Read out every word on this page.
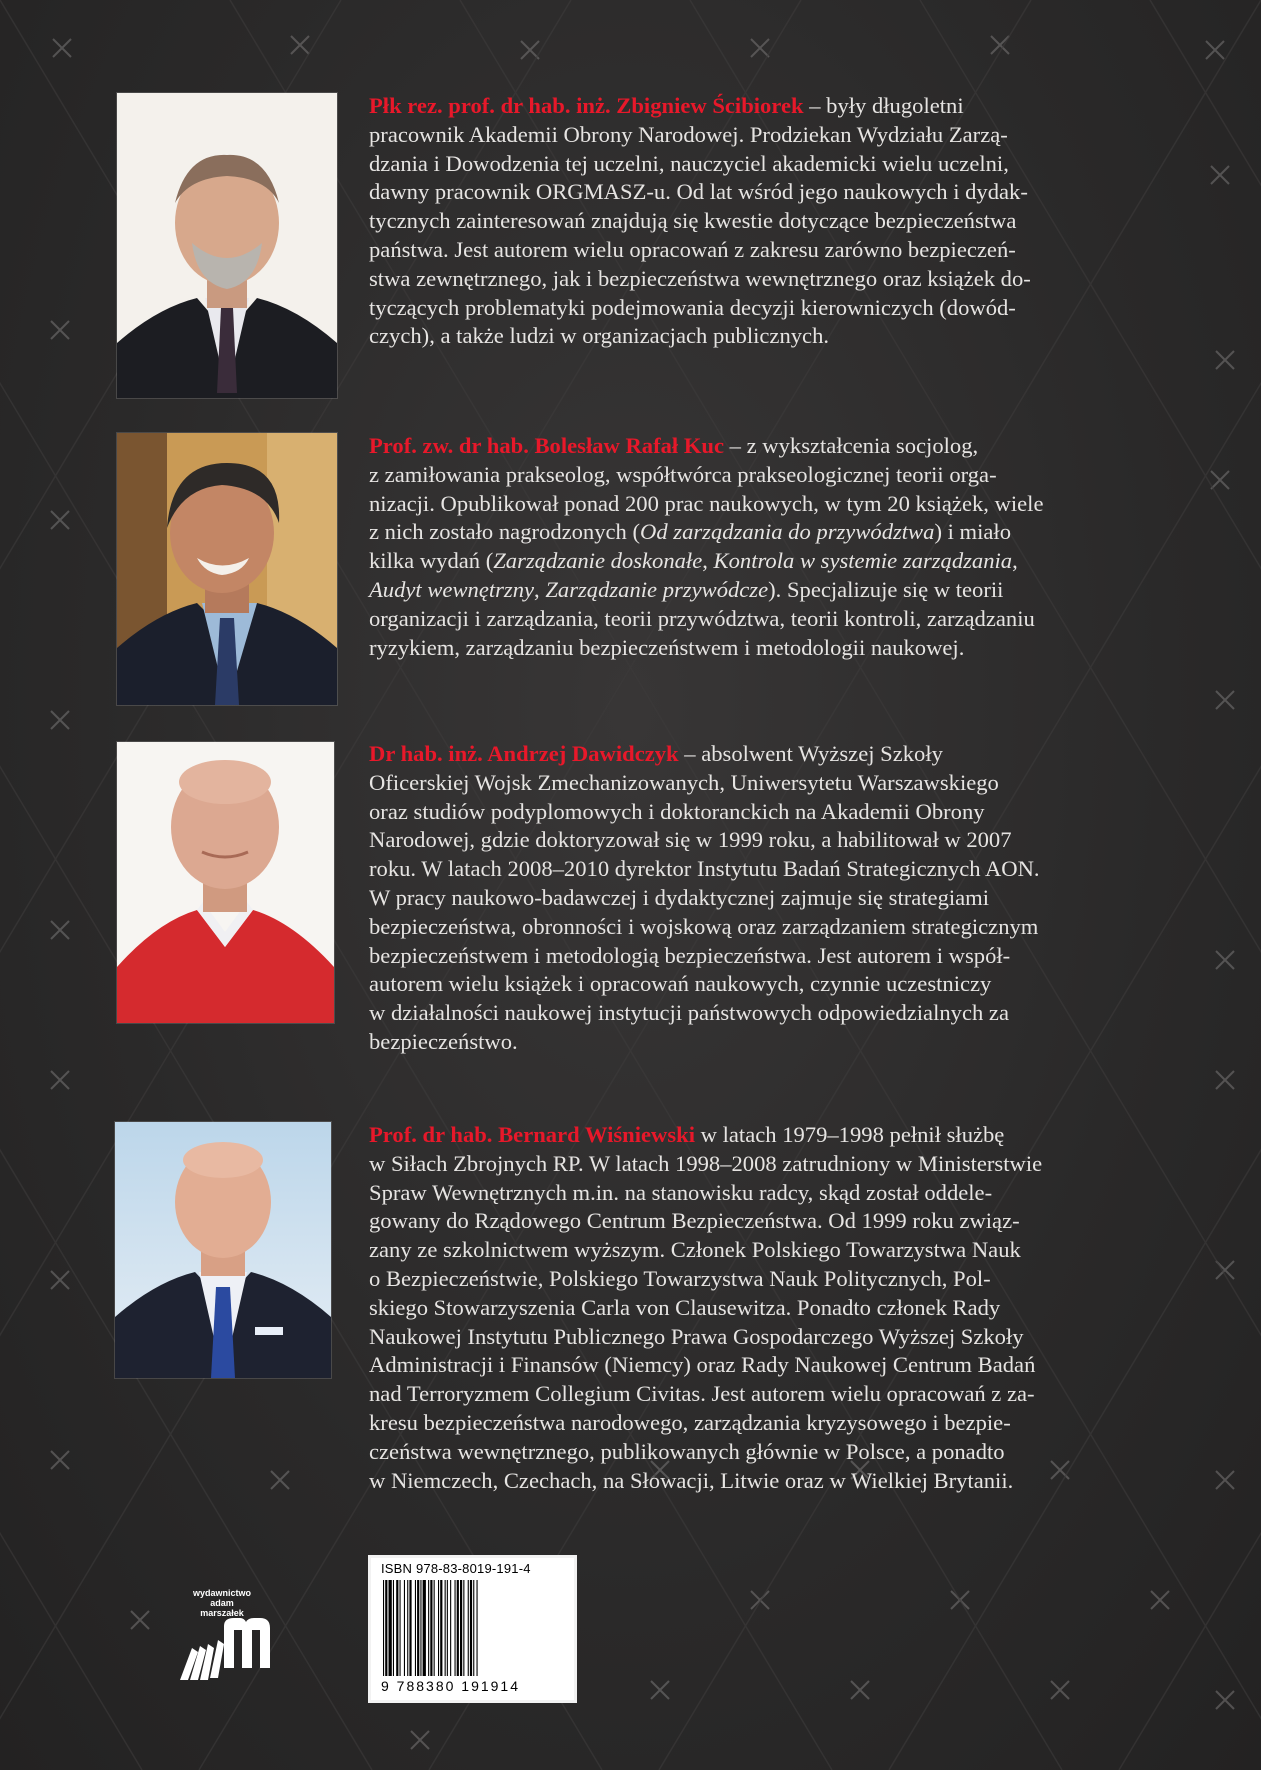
Płk rez. prof. dr hab. inż. Zbigniew Ścibiorek – były długoletni
pracownik Akademii Obrony Narodowej. Prodziekan Wydziału Zarzą-
dzania i Dowodzenia tej uczelni, nauczyciel akademicki wielu uczelni,
dawny pracownik ORGMASZ-u. Od lat wśród jego naukowych i dydak-
tycznych zainteresowań znajdują się kwestie dotyczące bezpieczeństwa
państwa. Jest autorem wielu opracowań z zakresu zarówno bezpieczeń-
stwa zewnętrznego, jak i bezpieczeństwa wewnętrznego oraz książek do-
tyczących problematyki podejmowania decyzji kierowniczych (dowód-
czych), a także ludzi w organizacjach publicznych.
Prof. zw. dr hab. Bolesław Rafał Kuc – z wykształcenia socjolog,
z zamiłowania prakseolog, współtwórca prakseologicznej teorii orga-
nizacji. Opublikował ponad 200 prac naukowych, w tym 20 książek, wiele
z nich zostało nagrodzonych (Od zarządzania do przywództwa) i miało
kilka wydań (Zarządzanie doskonałe, Kontrola w systemie zarządzania,
Audyt wewnętrzny, Zarządzanie przywódcze). Specjalizuje się w teorii
organizacji i zarządzania, teorii przywództwa, teorii kontroli, zarządzaniu
ryzykiem, zarządzaniu bezpieczeństwem i metodologii naukowej.
Dr hab. inż. Andrzej Dawidczyk – absolwent Wyższej Szkoły
Oficerskiej Wojsk Zmechanizowanych, Uniwersytetu Warszawskiego
oraz studiów podyplomowych i doktoranckich na Akademii Obrony
Narodowej, gdzie doktoryzował się w 1999 roku, a habilitował w 2007
roku. W latach 2008–2010 dyrektor Instytutu Badań Strategicznych AON.
W pracy naukowo-badawczej i dydaktycznej zajmuje się strategiami
bezpieczeństwa, obronności i wojskową oraz zarządzaniem strategicznym
bezpieczeństwem i metodologią bezpieczeństwa. Jest autorem i współ-
autorem wielu książek i opracowań naukowych, czynnie uczestniczy
w działalności naukowej instytucji państwowych odpowiedzialnych za
bezpieczeństwo.
Prof. dr hab. Bernard Wiśniewski w latach 1979–1998 pełnił służbę
w Siłach Zbrojnych RP. W latach 1998–2008 zatrudniony w Ministerstwie
Spraw Wewnętrznych m.in. na stanowisku radcy, skąd został oddele-
gowany do Rządowego Centrum Bezpieczeństwa. Od 1999 roku związ-
zany ze szkolnictwem wyższym. Członek Polskiego Towarzystwa Nauk
o Bezpieczeństwie, Polskiego Towarzystwa Nauk Politycznych, Pol-
skiego Stowarzyszenia Carla von Clausewitza. Ponadto członek Rady
Naukowej Instytutu Publicznego Prawa Gospodarczego Wyższej Szkoły
Administracji i Finansów (Niemcy) oraz Rady Naukowej Centrum Badań
nad Terroryzmem Collegium Civitas. Jest autorem wielu opracowań z za-
kresu bezpieczeństwa narodowego, zarządzania kryzysowego i bezpie-
czeństwa wewnętrznego, publikowanych głównie w Polsce, a ponadto
w Niemczech, Czechach, na Słowacji, Litwie oraz w Wielkiej Brytanii.
wydawnictwo
adam
marszałek
ISBN 978-83-8019-191-4
9 788380 191914
